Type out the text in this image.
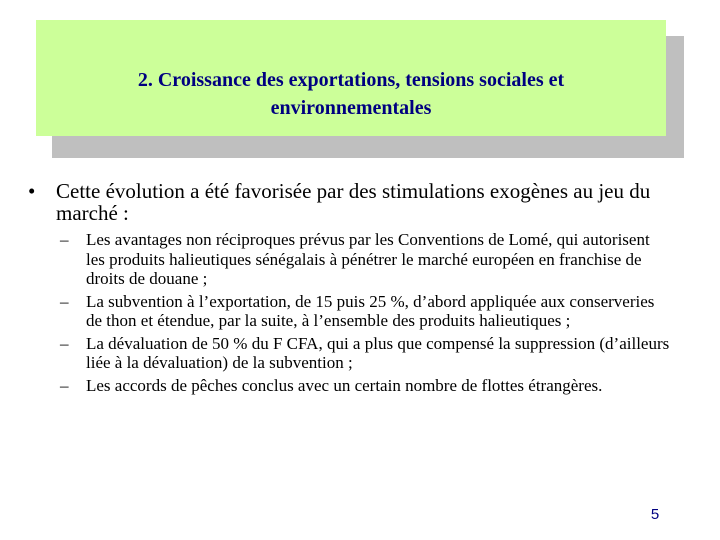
2. Croissance des exportations, tensions sociales et
environnementales
• Cette évolution a été favorisée par des stimulations exogènes au jeu du marché :
– Les avantages non réciproques prévus par les Conventions de Lomé, qui autorisent les produits halieutiques sénégalais à pénétrer le marché européen en franchise de droits de douane ;
– La subvention à l’exportation, de 15 puis 25 %, d’abord appliquée aux conserveries de thon et étendue, par la suite, à l’ensemble des produits halieutiques ;
– La dévaluation de 50 % du F CFA, qui a plus que compensé la suppression (d’ailleurs liée à la dévaluation) de la subvention ;
– Les accords de pêches conclus avec un certain nombre de flottes étrangères.
5
